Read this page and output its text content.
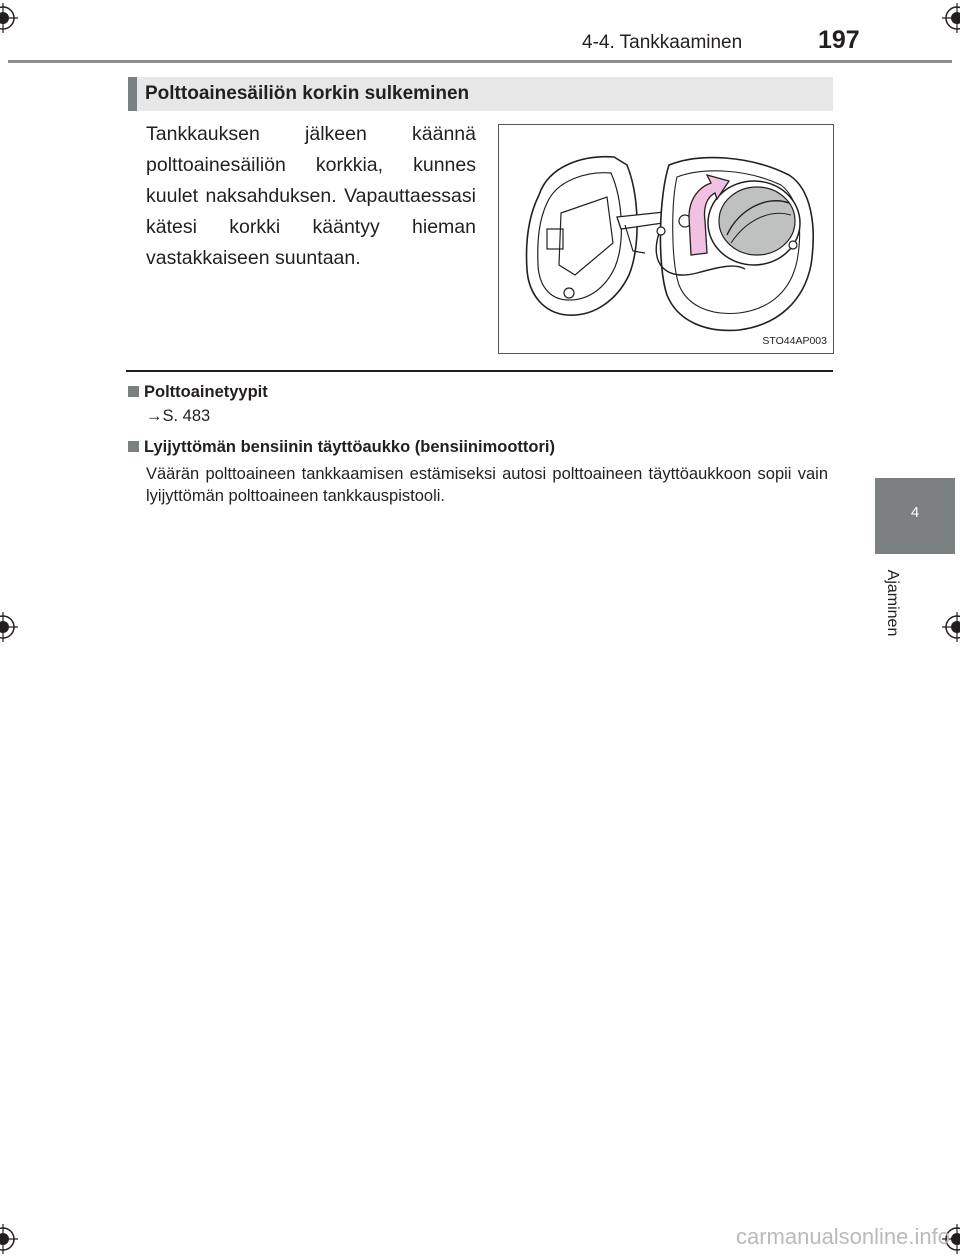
4-4. Tankkaaminen	197
4
Ajaminen
Polttoainesäiliön korkin sulkeminen
Tankkauksen jälkeen käännä polttoainesäiliön korkkia, kunnes kuulet naksahduksen. Vapauttaessasi kätesi korkki kääntyy hieman vastakkaiseen suuntaan.
STO44AP003
Polttoainetyypit
→S. 483
Lyijyttömän bensiinin täyttöaukko (bensiinimoottori)
Väärän polttoaineen tankkaamisen estämiseksi autosi polttoaineen täyttöaukkoon sopii vain lyijyttömän polttoaineen tankkauspistooli.
carmanualsonline.info
